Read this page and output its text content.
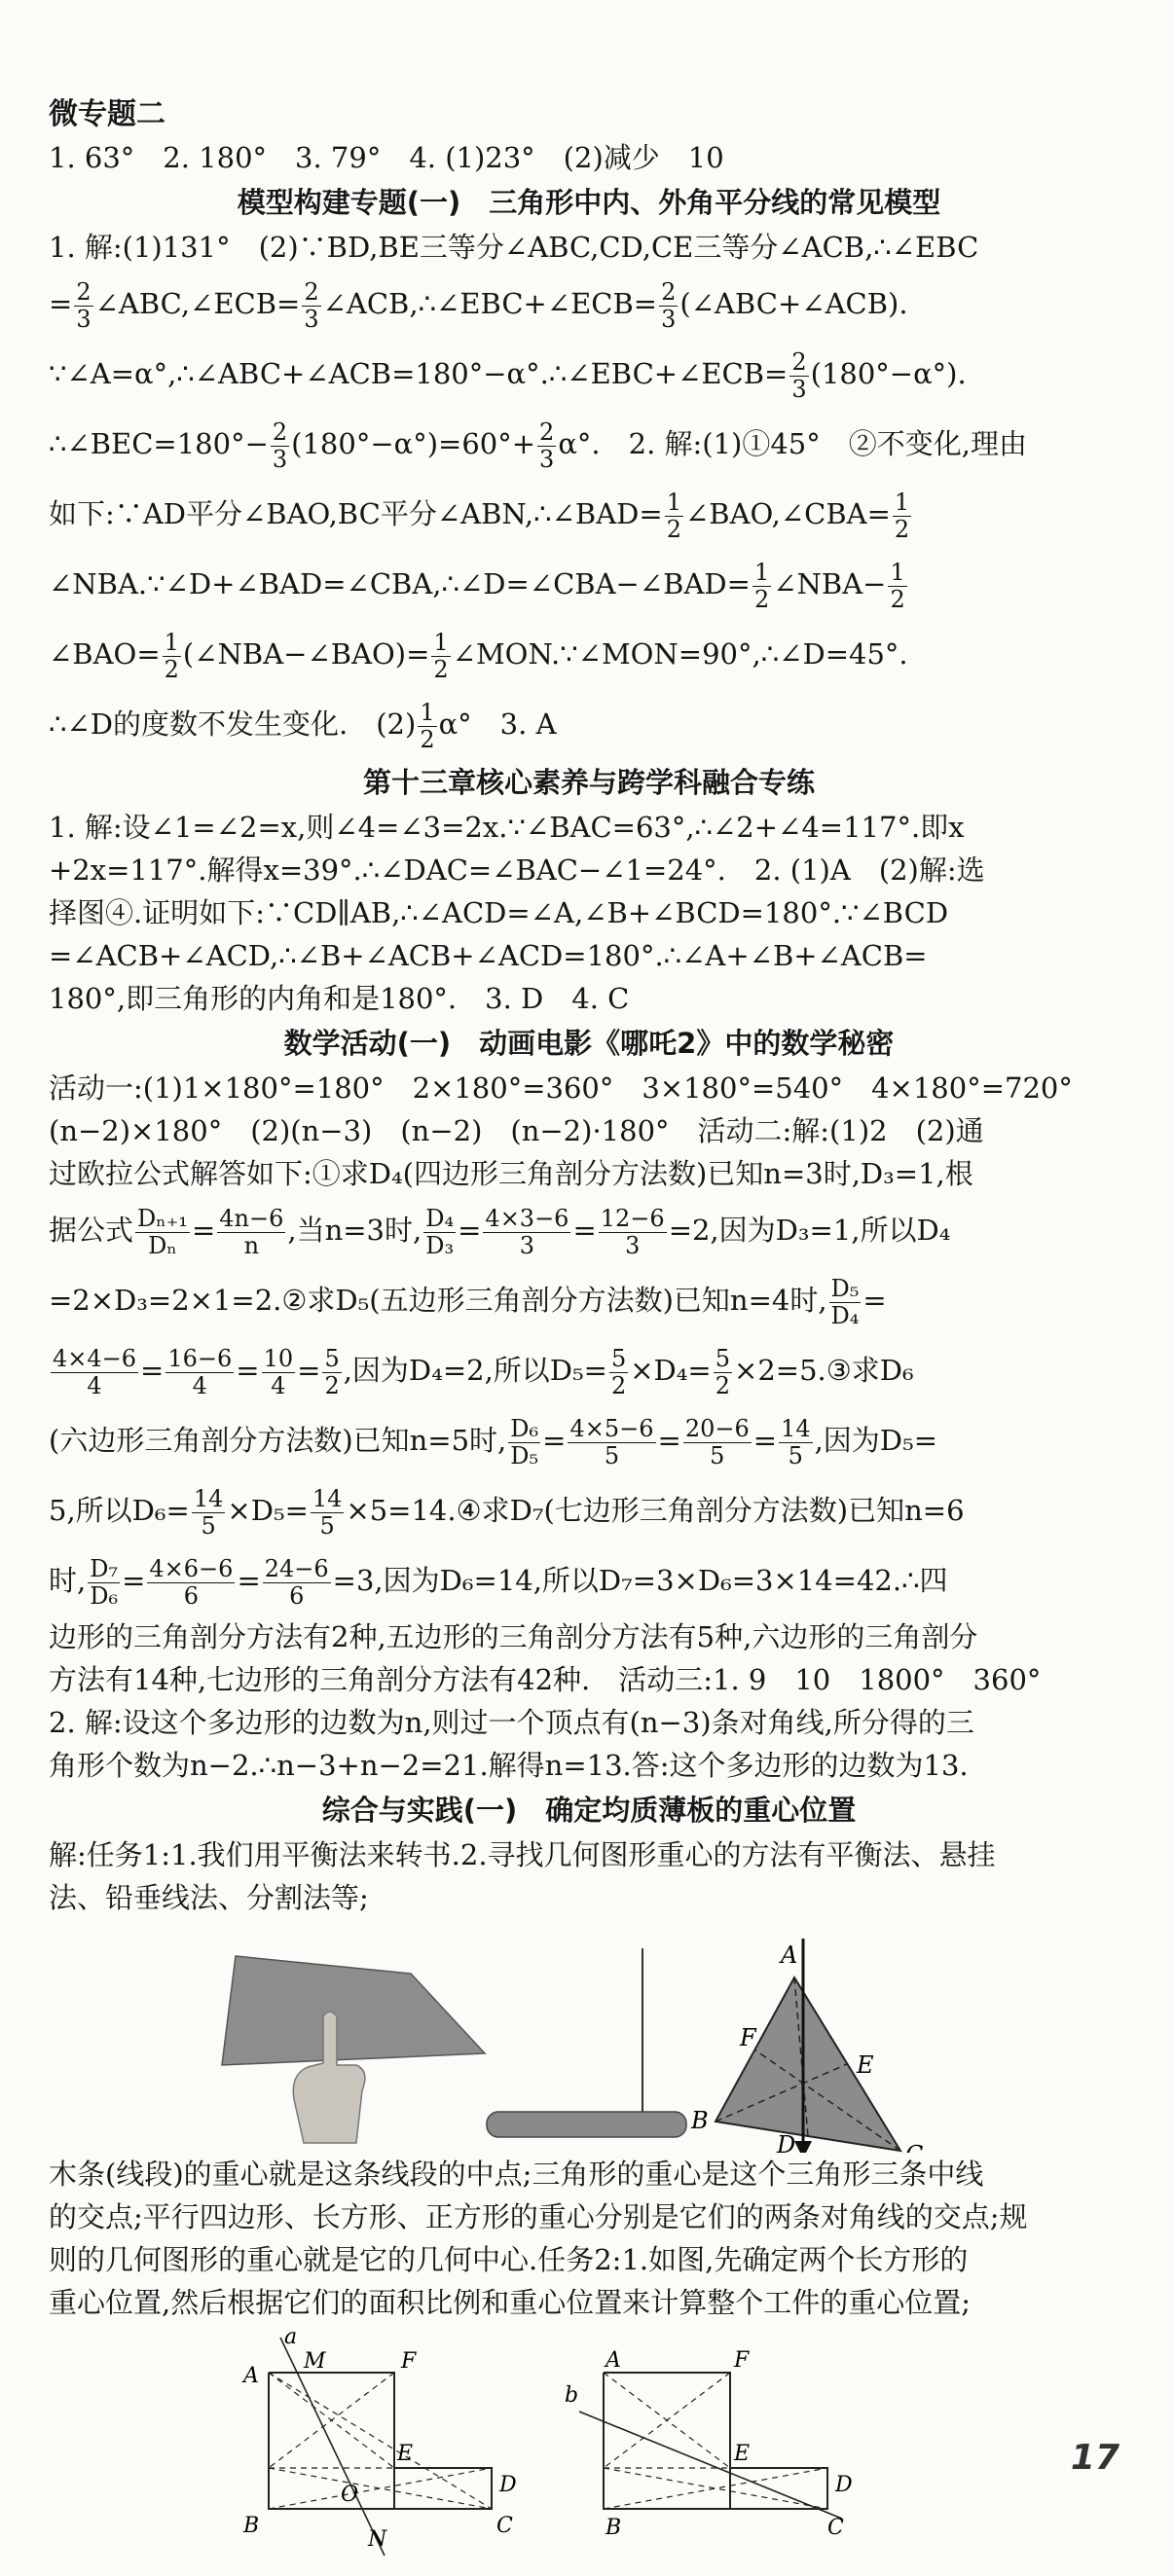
微专题二

1. 63°　2. 180°　3. 79°　4. (1)23°　(2)减少　10

模型构建专题(一)　三角形中内、外角平分线的常见模型

1. 解:(1)131°　(2)∵BD,BE三等分∠ABC,CD,CE三等分∠ACB,∴∠EBC

= $\frac{2}{3}$ ∠ABC,∠ECB= $\frac{2}{3}$ ∠ACB,∴∠EBC+∠ECB= $\frac{2}{3}$ (∠ABC+∠ACB).

∵∠A=α°,∴∠ABC+∠ACB=180°−α°.∴∠EBC+∠ECB= $\frac{2}{3} (180^\circ-\alpha^\circ)$.

∴∠BEC=180°− $\frac{2}{3} (180^\circ-\alpha^\circ)=60^\circ+ \frac{2}{3} \alpha^\circ$.　2. 解:(1)①45°　②不变化,理由

如下:∵AD平分∠BAO,BC平分∠ABN,∴∠BAD= $\frac{1}{2}$ ∠BAO,∠CBA= $\frac{1}{2}$

∠NBA.∵∠D+∠BAD=∠CBA,∴∠D=∠CBA−∠BAD= $\frac{1}{2}$ ∠NBA− $\frac{1}{2}$

∠BAO= $\frac{1}{2}$ (∠NBA−∠BAO)= $\frac{1}{2}$ ∠MON.∵∠MON=90°,∴∠D=45°.

∴∠D的度数不发生变化.　$(2) \frac{1}{2} \alpha^\circ$　3. A

第十三章核心素养与跨学科融合专练

1. 解:设∠1=∠2=x,则∠4=∠3=2x.∵∠BAC=63°,∴∠2+∠4=117°.即x

+2x=117°.解得x=39°.∴∠DAC=∠BAC−∠1=24°.　2. (1)A　(2)解:选

择图④.证明如下:∵CD∥AB,∴∠ACD=∠A,∠B+∠BCD=180°.∵∠BCD

=∠ACB+∠ACD,∴∠B+∠ACB+∠ACD=180°.∴∠A+∠B+∠ACB=

180°,即三角形的内角和是180°.　3. D　4. C

数学活动(一)　动画电影《哪吒2》中的数学秘密

活动一:(1)1×180°=180°　2×180°=360°　3×180°=540°　4×180°=720°

(n−2)×180°　(2)(n−3)　(n−2)　(n−2)·180°　活动二:解:(1)2　(2)通

过欧拉公式解答如下:①求D₄(四边形三角剖分方法数)已知n=3时,D₃=1,根

据公式 $\frac{\text{Dₙ₊₁}}{\text{Dₙ}} = \frac{4n-6}{n}$ ,当n=3时, $\frac{\text{D₄}}{\text{D₃}} = \frac{4\times 3-6}{3} = \frac{12-6}{3} =2$,因为D₃=1,所以D₄

=2×D₃=2×1=2.②求D₅(五边形三角剖分方法数)已知n=4时, $\frac{\text{D₅}}{\text{D₄}}$ =

$\frac{4\times 4-6}{4} = \frac{16-6}{4} = \frac{10}{4} = \frac{5}{2}$ ,因为D₄=2,所以$D_5= \frac{5}{2} \times D_4= \frac{5}{2}$ ×2=5.③求D₆

(六边形三角剖分方法数)已知n=5时, $\frac{\text{D₆}}{\text{D₅}} = \frac{4\times 5-6}{5} = \frac{20-6}{5} = \frac{14}{5}$ ,因为D₅=

5,所以$D_6= \frac{14}{5} \times D_5= \frac{14}{5}$ ×5=14.④求D₇(七边形三角剖分方法数)已知n=6

时, $\frac{\text{D₇}}{\text{D₆}} = \frac{4\times 6-6}{6} = \frac{24-6}{6} =3$,因为D₆=14,所以D₇=3×D₆=3×14=42.∴四

边形的三角剖分方法有2种,五边形的三角剖分方法有5种,六边形的三角剖分

方法有14种,七边形的三角剖分方法有42种.　活动三:1. 9　10　1800°　360°

2. 解:设这个多边形的边数为n,则过一个顶点有(n−3)条对角线,所分得的三

角形个数为n−2.∴n−3+n−2=21.解得n=13.答:这个多边形的边数为13.

综合与实践(一)　确定均质薄板的重心位置

解:任务1:1.我们用平衡法来转书.2.寻找几何图形重心的方法有平衡法、悬挂

法、铅垂线法、分割法等;

A
F
E
B
D

木条(线段)的重心就是这条线段的中点;三角形的重心是这个三角形三条中线

的交点;平行四边形、长方形、正方形的重心分别是它们的两条对角线的交点;规

则的几何图形的重心就是它的几何中心.任务2:1.如图,先确定两个长方形的

重心位置,然后根据它们的面积比例和重心位置来计算整个工件的重心位置;

a
A
M	F
E
D
B
O
N
C
b
A	F
E
D
B	C
17
